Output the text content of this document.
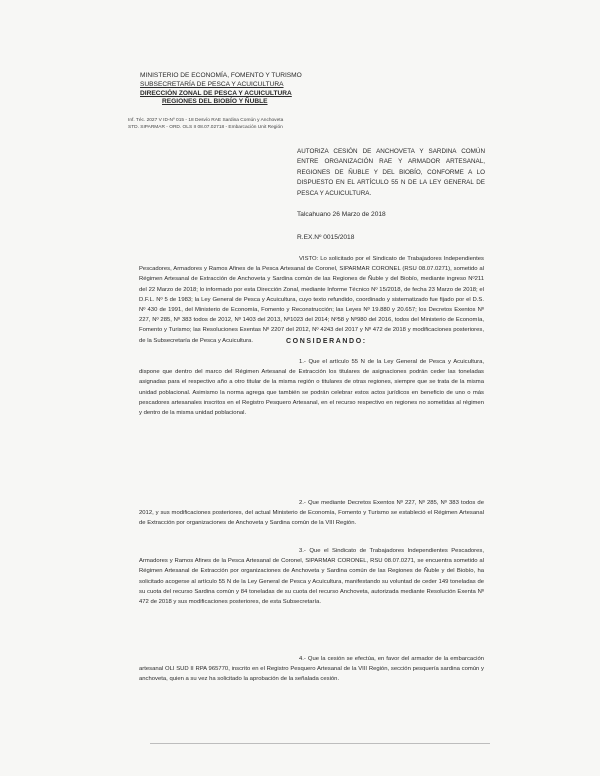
MINISTERIO DE ECONOMÍA, FOMENTO Y TURISMO
SUBSECRETARÍA DE PESCA Y ACUICULTURA
DIRECCIÓN ZONAL DE PESCA Y ACUICULTURA
REGIONES DEL BIOBÍO Y ÑUBLE
Inf. Téc. 2027 V ID-Nº 015 - 18 Desvío RAE Sardina Común y Anchoveta
STD. SIPARMAR - ORD. OLS II 08.07.02718 - Embarcación Unit Región
AUTORIZA CESIÓN DE ANCHOVETA Y SARDINA COMÚN ENTRE ORGANIZACIÓN RAE Y ARMADOR ARTESANAL, REGIONES DE ÑUBLE Y DEL BIOBÍO, CONFORME A LO DISPUESTO EN EL ARTÍCULO 55 N DE LA LEY GENERAL DE PESCA Y ACUICULTURA.
Talcahuano 26 Marzo de 2018
R.EX.Nº 0015/2018
VISTO: Lo solicitado por el Sindicato de Trabajadores Independientes Pescadores, Armadores y Ramos Afines de la Pesca Artesanal de Coronel, SIPARMAR CORONEL (RSU 08.07.0271), sometido al Régimen Artesanal de Extracción de Anchoveta y Sardina común de las Regiones de Ñuble y del Biobío, mediante ingreso Nº211 del 22 Marzo de 2018; lo informado por esta Dirección Zonal, mediante Informe Técnico Nº 15/2018, de fecha 23 Marzo de 2018; el D.F.L. Nº 5 de 1983; la Ley General de Pesca y Acuicultura, cuyo texto refundido, coordinado y sistematizado fue fijado por el D.S. Nº 430 de 1991, del Ministerio de Economía, Fomento y Reconstrucción; las Leyes Nº 19.880 y 20.657; los Decretos Exentos Nº 227, Nº 285, Nº 383 todos de 2012, Nº 1403 del 2013, Nº1023 del 2014; Nº58 y Nº980 del 2016, todos del Ministerio de Economía, Fomento y Turismo; las Resoluciones Exentas Nº 2207 del 2012, Nº 4243 del 2017 y Nº 472 de 2018 y modificaciones posteriores, de la Subsecretaría de Pesca y Acuicultura.	CONSIDERANDO:
1.- Que el artículo 55 N de la Ley General de Pesca y Acuicultura, dispone que dentro del marco del Régimen Artesanal de Extracción los titulares de asignaciones podrán ceder las toneladas asignadas para el respectivo año a otro titular de la misma región o titulares de otras regiones, siempre que se trata de la misma unidad poblacional. Asimismo la norma agrega que también se podrán celebrar estos actos jurídicos en beneficio de uno o más pescadores artesanales inscritos en el Registro Pesquero Artesanal, en el recurso respectivo en regiones no sometidas al régimen y dentro de la misma unidad poblacional.
2.- Que mediante Decretos Exentos Nº 227, Nº 285, Nº 383 todos de 2012, y sus modificaciones posteriores, del actual Ministerio de Economía, Fomento y Turismo se estableció el Régimen Artesanal de Extracción por organizaciones de Anchoveta y Sardina común de la VIII Región.
3.- Que el Sindicato de Trabajadores Independientes Pescadores, Armadores y Ramos Afines de la Pesca Artesanal de Coronel, SIPARMAR CORONEL, RSU 08.07.0271, se encuentra sometido al Régimen Artesanal de Extracción por organizaciones de Anchoveta y Sardina común de las Regiones de Ñuble y del Biobío, ha solicitado acogerse al artículo 55 N de la Ley General de Pesca y Acuicultura, manifestando su voluntad de ceder 149 toneladas de su cuota del recurso Sardina común y 84 toneladas de su cuota del recurso Anchoveta, autorizada mediante Resolución Exenta Nº 472 de 2018 y sus modificaciones posteriores, de esta Subsecretaría.
4.- Que la cesión se efectúa, en favor del armador de la embarcación artesanal OLI SUD II RPA 965770, inscrito en el Registro Pesquero Artesanal de la VIII Región, sección pesquería sardina común y anchoveta, quien a su vez ha solicitado la aprobación de la señalada cesión.
